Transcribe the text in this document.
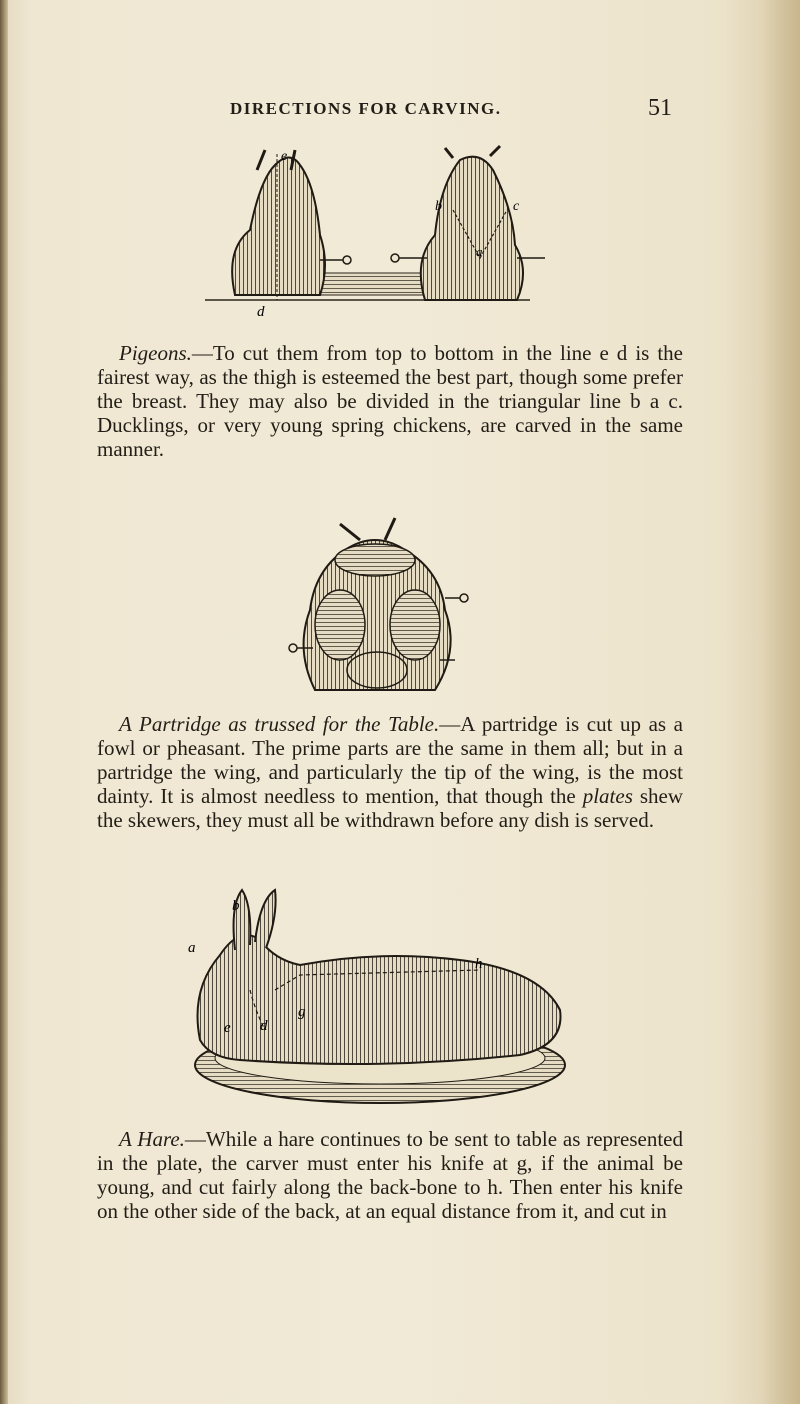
DIRECTIONS FOR CARVING.	51
e
b	c
a
d

Pigeons.—To cut them from top to bottom in the line e d is the fairest way, as the thigh is esteemed the best part, though some prefer the breast. They may also be divided in the triangular line b a c. Ducklings, or very young spring chickens, are carved in the same manner.

A Partridge as trussed for the Table.—A partridge is cut up as a fowl or pheasant. The prime parts are the same in them all; but in a partridge the wing, and particularly the tip of the wing, is the most dainty. It is almost needless to mention, that though the plates shew the skewers, they must all be withdrawn before any dish is served.

b
a
h
g
d
e

A Hare.—While a hare continues to be sent to table as represented in the plate, the carver must enter his knife at g, if the animal be young, and cut fairly along the back-bone to h. Then enter his knife on the other side of the back, at an equal distance from it, and cut in
